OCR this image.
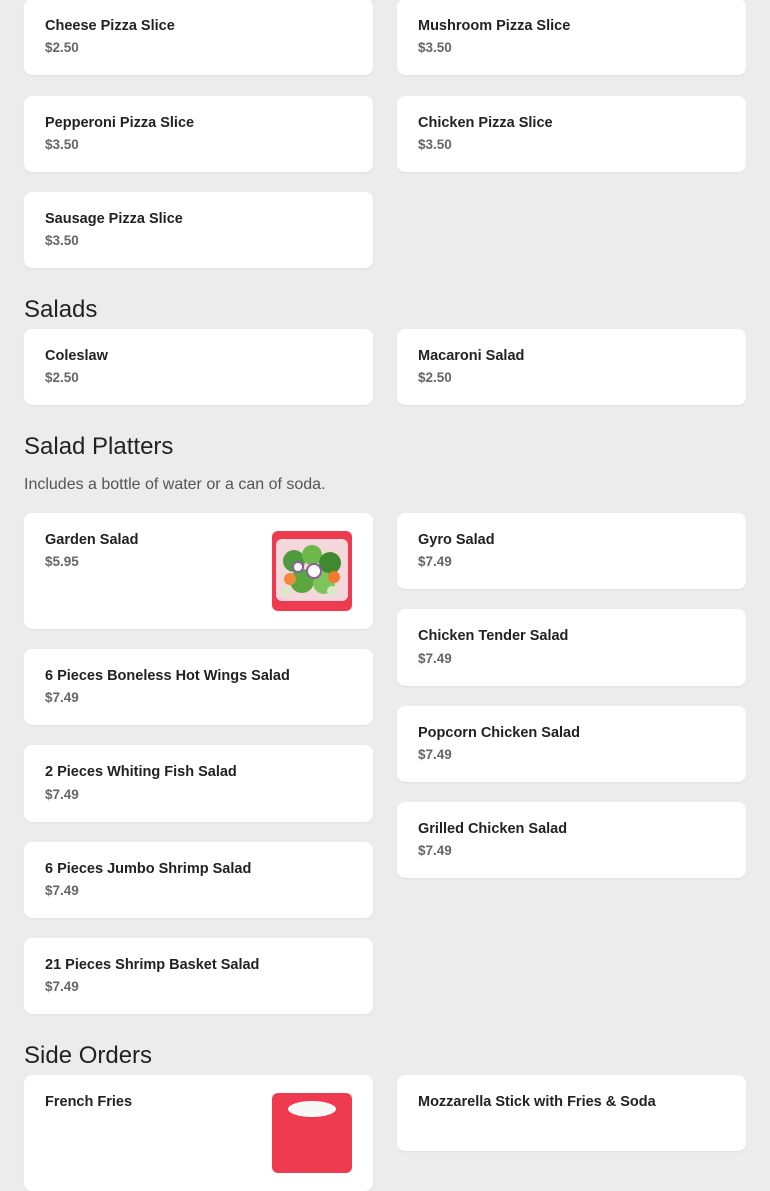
Cheese Pizza Slice
$2.50
Mushroom Pizza Slice
$3.50
Pepperoni Pizza Slice
$3.50
Chicken Pizza Slice
$3.50
Sausage Pizza Slice
$3.50
Salads
Coleslaw
$2.50
Macaroni Salad
$2.50
Salad Platters

Includes a bottle of water or a can of soda.

Garden Salad
$5.95
Gyro Salad
$7.49
6 Pieces Boneless Hot Wings Salad
$7.49
Chicken Tender Salad
$7.49
2 Pieces Whiting Fish Salad
$7.49
Popcorn Chicken Salad
$7.49
6 Pieces Jumbo Shrimp Salad
$7.49
Grilled Chicken Salad
$7.49
21 Pieces Shrimp Basket Salad
$7.49
Side Orders
French Fries	Mozzarella Stick with Fries & Soda
